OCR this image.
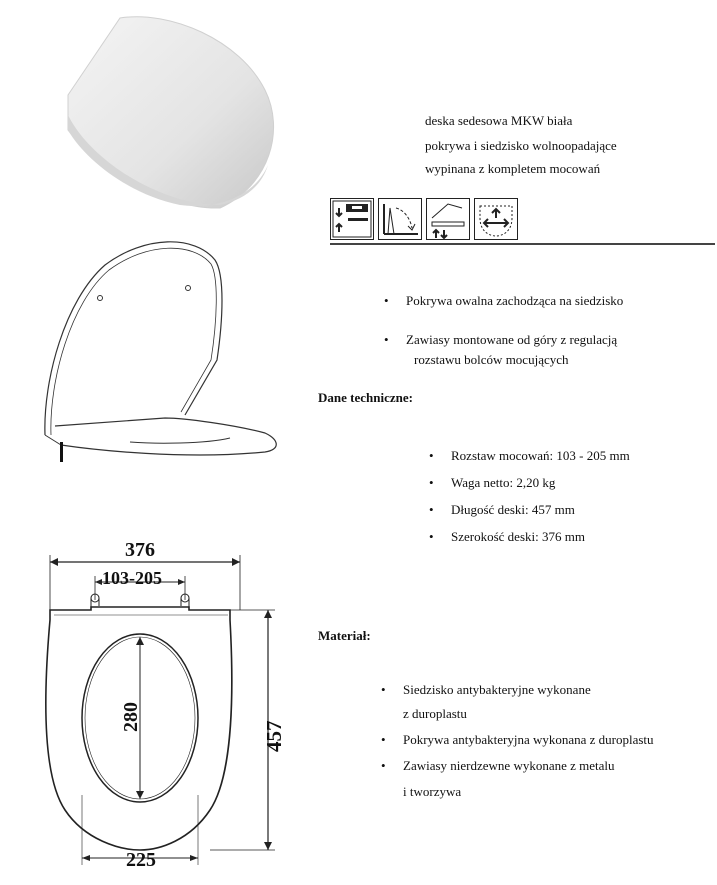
deska sedesowa MKW biała
pokrywa i siedzisko wolnoopadające
wypinana z kompletem mocowań
• Pokrywa owalna zachodząca na siedzisko
• Zawiasy montowane od góry z regulacją
rozstawu bolców mocujących
Dane techniczne:
• Rozstaw mocowań: 103 - 205 mm
• Waga netto: 2,20 kg
• Długość deski: 457 mm
• Szerokość deski: 376 mm
Materiał:
• Siedzisko antybakteryjne wykonane
z duroplastu
• Pokrywa antybakteryjna wykonana z duroplastu
• Zawiasy nierdzewne wykonane z metalu
i tworzywa
376
103-205
280
457
225
